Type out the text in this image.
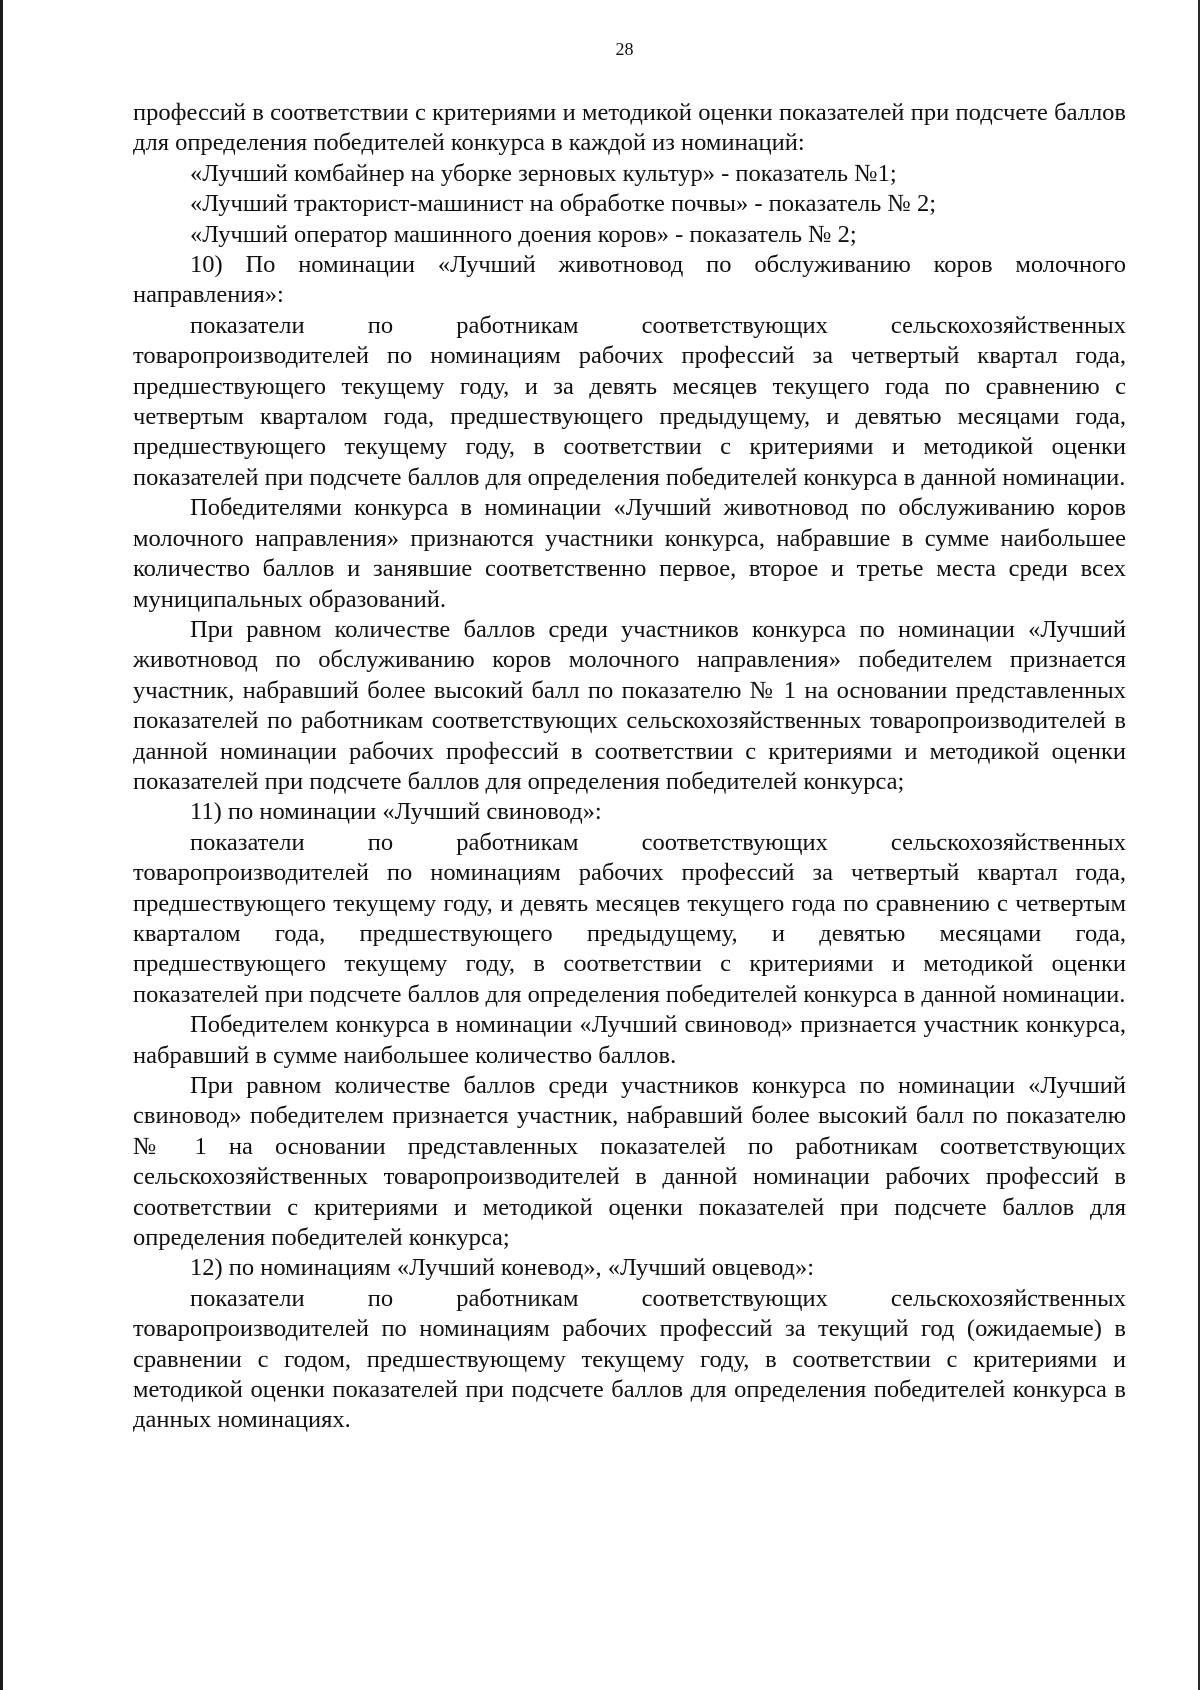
28

профессий в соответствии с критериями и методикой оценки показателей при подсчете баллов для определения победителей конкурса в каждой из номинаций:

«Лучший комбайнер на уборке зерновых культур» - показатель №1;

«Лучший тракторист-машинист на обработке почвы» - показатель № 2;

«Лучший оператор машинного доения коров» - показатель № 2;

10) По номинации «Лучший животновод по обслуживанию коров молочного направления»:

показатели по работникам соответствующих сельскохозяйственных товаропроизводителей по номинациям рабочих профессий за четвертый квартал года, предшествующего текущему году, и за девять месяцев текущего года по сравнению с четвертым кварталом года, предшествующего предыдущему, и девятью месяцами года, предшествующего текущему году, в соответствии с критериями и методикой оценки показателей при подсчете баллов для определения победителей конкурса в данной номинации.

Победителями конкурса в номинации «Лучший животновод по обслуживанию коров молочного направления» признаются участники конкурса, набравшие в сумме наибольшее количество баллов и занявшие соответственно первое, второе и третье места среди всех муниципальных образований.

При равном количестве баллов среди участников конкурса по номинации «Лучший животновод по обслуживанию коров молочного направления» победителем признается участник, набравший более высокий балл по показателю № 1 на основании представленных показателей по работникам соответствующих сельскохозяйственных товаропроизводителей в данной номинации рабочих профессий в соответствии с критериями и методикой оценки показателей при подсчете баллов для определения победителей конкурса;

11) по номинации «Лучший свиновод»:

показатели по работникам соответствующих сельскохозяйственных товаропроизводителей по номинациям рабочих профессий за четвертый квартал года, предшествующего текущему году, и девять месяцев текущего года по сравнению с четвертым кварталом года, предшествующего предыдущему, и девятью месяцами года, предшествующего текущему году, в соответствии с критериями и методикой оценки показателей при подсчете баллов для определения победителей конкурса в данной номинации.

Победителем конкурса в номинации «Лучший свиновод» признается участник конкурса, набравший в сумме наибольшее количество баллов.

При равном количестве баллов среди участников конкурса по номинации «Лучший свиновод» победителем признается участник, набравший более высокий балл по показателю № 1 на основании представленных показателей по работникам соответствующих сельскохозяйственных товаропроизводителей в данной номинации рабочих профессий в соответствии с критериями и методикой оценки показателей при подсчете баллов для определения победителей конкурса;

12) по номинациям «Лучший коневод», «Лучший овцевод»:

показатели по работникам соответствующих сельскохозяйственных товаропроизводителей по номинациям рабочих профессий за текущий год (ожидаемые) в сравнении с годом, предшествующему текущему году, в соответствии с критериями и методикой оценки показателей при подсчете баллов для определения победителей конкурса в данных номинациях.
